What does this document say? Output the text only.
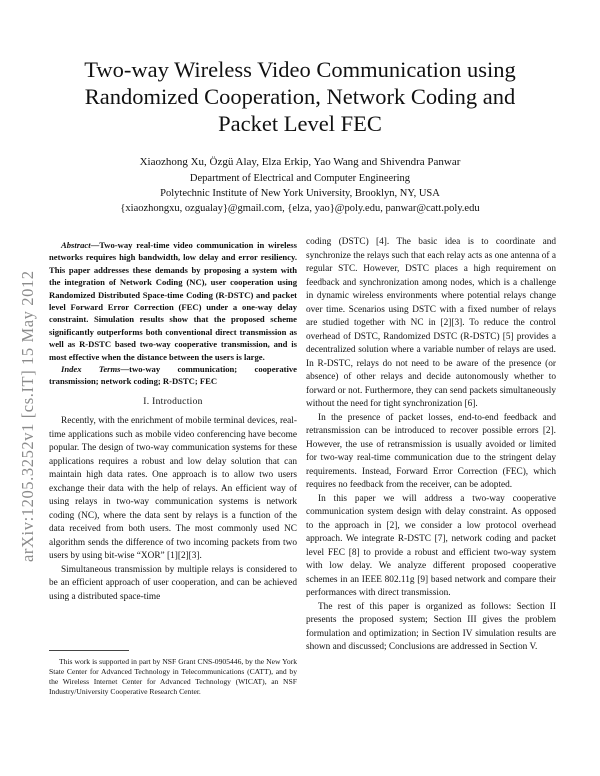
arXiv:1205.3252v1 [cs.IT] 15 May 2012
Two-way Wireless Video Communication using
Randomized Cooperation, Network Coding and
Packet Level FEC
Xiaozhong Xu, Özgü Alay, Elza Erkip, Yao Wang and Shivendra Panwar
Department of Electrical and Computer Engineering
Polytechnic Institute of New York University, Brooklyn, NY, USA
{xiaozhongxu, ozgualay}@gmail.com, {elza, yao}@poly.edu, panwar@catt.poly.edu

Abstract—Two-way real-time video communication in wireless networks requires high bandwidth, low delay and error resiliency. This paper addresses these demands by proposing a system with the integration of Network Coding (NC), user cooperation using Randomized Distributed Space-time Coding (R-DSTC) and packet level Forward Error Correction (FEC) under a one-way delay constraint. Simulation results show that the proposed scheme significantly outperforms both conventional direct transmission as well as R-DSTC based two-way cooperative transmission, and is most effective when the distance between the users is large.

Index Terms—two-way communication; cooperative transmission; network coding; R-DSTC; FEC

I. Introduction

Recently, with the enrichment of mobile terminal devices, real-time applications such as mobile video conferencing have become popular. The design of two-way communication systems for these applications requires a robust and low delay solution that can maintain high data rates. One approach is to allow two users exchange their data with the help of relays. An efficient way of using relays in two-way communication systems is network coding (NC), where the data sent by relays is a function of the data received from both users. The most commonly used NC algorithm sends the difference of two incoming packets from two users by using bit-wise “XOR” [1][2][3].

Simultaneous transmission by multiple relays is considered to be an efficient approach of user cooperation, and can be achieved using a distributed space-time

coding (DSTC) [4]. The basic idea is to coordinate and synchronize the relays such that each relay acts as one antenna of a regular STC. However, DSTC places a high requirement on feedback and synchronization among nodes, which is a challenge in dynamic wireless environments where potential relays change over time. Scenarios using DSTC with a fixed number of relays are studied together with NC in [2][3]. To reduce the control overhead of DSTC, Randomized DSTC (R-DSTC) [5] provides a decentralized solution where a variable number of relays are used. In R-DSTC, relays do not need to be aware of the presence (or absence) of other relays and decide autonomously whether to forward or not. Furthermore, they can send packets simultaneously without the need for tight synchronization [6].

In the presence of packet losses, end-to-end feedback and retransmission can be introduced to recover possible errors [2]. However, the use of retransmission is usually avoided or limited for two-way real-time communication due to the stringent delay requirements. Instead, Forward Error Correction (FEC), which requires no feedback from the receiver, can be adopted.

In this paper we will address a two-way cooperative communication system design with delay constraint. As opposed to the approach in [2], we consider a low protocol overhead approach. We integrate R-DSTC [7], network coding and packet level FEC [8] to provide a robust and efficient two-way system with low delay. We analyze different proposed cooperative schemes in an IEEE 802.11g [9] based network and compare their performances with direct transmission.

The rest of this paper is organized as follows: Section II presents the proposed system; Section III gives the problem formulation and optimization; in Section IV simulation results are shown and discussed; Conclusions are addressed in Section V.

This work is supported in part by NSF Grant CNS-0905446, by the New York State Center for Advanced Technology in Telecommunications (CATT), and by the Wireless Internet Center for Advanced Technology (WICAT), an NSF Industry/University Cooperative Research Center.
